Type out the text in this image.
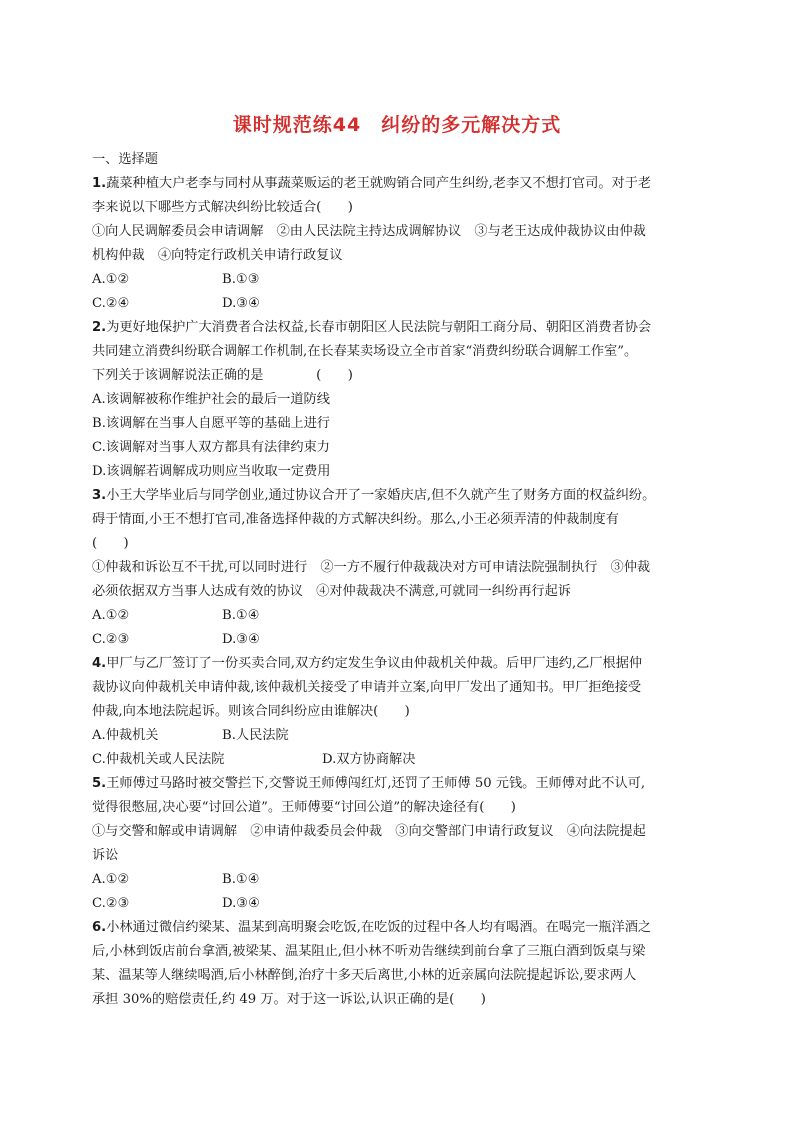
课时规范练44　纠纷的多元解决方式
一、选择题
1.蔬菜种植大户老李与同村从事蔬菜贩运的老王就购销合同产生纠纷,老李又不想打官司。对于老
李来说以下哪些方式解决纠纷比较适合(　　)
①向人民调解委员会申请调解　②由人民法院主持达成调解协议　③与老王达成仲裁协议由仲裁
机构仲裁　④向特定行政机关申请行政复议
A.①②	B.①③
C.②④	D.③④
2.为更好地保护广大消费者合法权益,长春市朝阳区人民法院与朝阳工商分局、朝阳区消费者协会
共同建立消费纠纷联合调解工作机制,在长春某卖场设立全市首家“消费纠纷联合调解工作室”。
下列关于该调解说法正确的是　　　　(　　)
A.该调解被称作维护社会的最后一道防线
B.该调解在当事人自愿平等的基础上进行
C.该调解对当事人双方都具有法律约束力
D.该调解若调解成功则应当收取一定费用
3.小王大学毕业后与同学创业,通过协议合开了一家婚庆店,但不久就产生了财务方面的权益纠纷。
碍于情面,小王不想打官司,准备选择仲裁的方式解决纠纷。那么,小王必须弄清的仲裁制度有
(　　)
①仲裁和诉讼互不干扰,可以同时进行　②一方不履行仲裁裁决对方可申请法院强制执行　③仲裁
必须依据双方当事人达成有效的协议　④对仲裁裁决不满意,可就同一纠纷再行起诉
A.①②	B.①④
C.②③	D.③④
4.甲厂与乙厂签订了一份买卖合同,双方约定发生争议由仲裁机关仲裁。后甲厂违约,乙厂根据仲
裁协议向仲裁机关申请仲裁,该仲裁机关接受了申请并立案,向甲厂发出了通知书。甲厂拒绝接受
仲裁,向本地法院起诉。则该合同纠纷应由谁解决(　　)
A.仲裁机关	B.人民法院
C.仲裁机关或人民法院	D.双方协商解决
5.王师傅过马路时被交警拦下,交警说王师傅闯红灯,还罚了王师傅 50 元钱。王师傅对此不认可,
觉得很憋屈,决心要“讨回公道”。王师傅要“讨回公道”的解决途径有(　　)
①与交警和解或申请调解　②申请仲裁委员会仲裁　③向交警部门申请行政复议　④向法院提起
诉讼
A.①②	B.①④
C.②③	D.③④
6.小林通过微信约梁某、温某到高明聚会吃饭,在吃饭的过程中各人均有喝酒。在喝完一瓶洋酒之
后,小林到饭店前台拿酒,被梁某、温某阻止,但小林不听劝告继续到前台拿了三瓶白酒到饭桌与梁
某、温某等人继续喝酒,后小林醉倒,治疗十多天后离世,小林的近亲属向法院提起诉讼,要求两人
承担 30%的赔偿责任,约 49 万。对于这一诉讼,认识正确的是(　　)
